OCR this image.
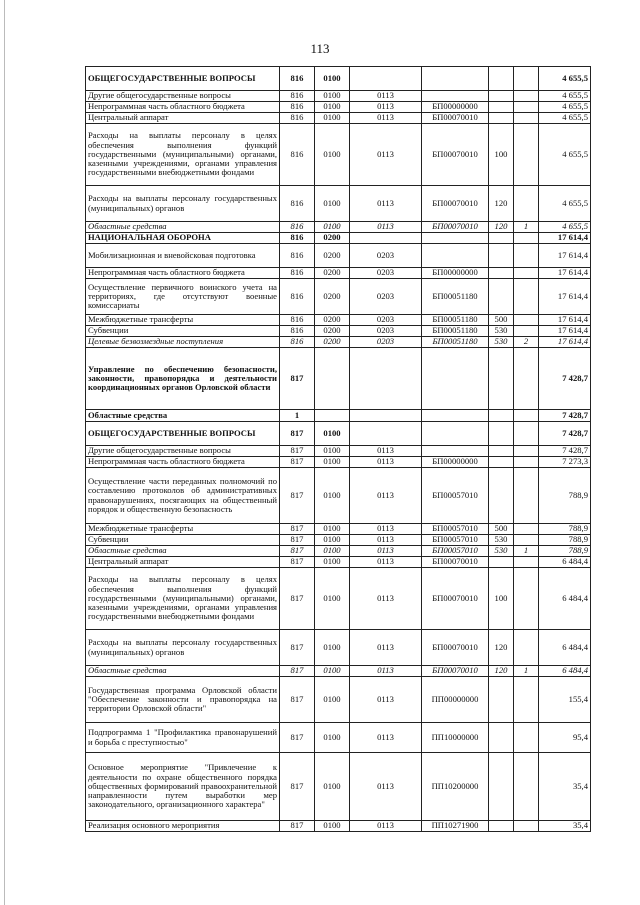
113
ОБЩЕГОСУДАРСТВЕННЫЕ ВОПРОСЫ	816	0100					4 655,5
Другие общегосударственные вопросы	816	0100	0113				4 655,5
Непрограммная часть областного бюджета	816	0100	0113	БП00000000			4 655,5
Центральный аппарат	816	0100	0113	БП00070010			4 655,5
Расходы на выплаты персоналу в целях обеспечения выполнения функций государственными (муниципальными) органами, казенными учреждениями, органами управления государственными внебюджетными фондами	816	0100	0113	БП00070010	100		4 655,5
Расходы на выплаты персоналу государственных (муниципальных) органов	816	0100	0113	БП00070010	120		4 655,5
Областные средства	816	0100	0113	БП00070010	120	1	4 655,5
НАЦИОНАЛЬНАЯ ОБОРОНА	816	0200					17 614,4
Мобилизационная и вневойсковая подготовка	816	0200	0203				17 614,4
Непрограммная часть областного бюджета	816	0200	0203	БП00000000			17 614,4
Осуществление первичного воинского учета на территориях, где отсутствуют военные комиссариаты	816	0200	0203	БП00051180			17 614,4
Межбюджетные трансферты	816	0200	0203	БП00051180	500		17 614,4
Субвенции	816	0200	0203	БП00051180	530		17 614,4
Целевые безвозмездные поступления	816	0200	0203	БП00051180	530	2	17 614,4
Управление по обеспечению безопасности, законности, правопорядка и деятельности координационных органов Орловской области	817						7 428,7
Областные средства	1						7 428,7
ОБЩЕГОСУДАРСТВЕННЫЕ ВОПРОСЫ	817	0100					7 428,7
Другие общегосударственные вопросы	817	0100	0113				7 428,7
Непрограммная часть областного бюджета	817	0100	0113	БП00000000			7 273,3
Осуществление части переданных полномочий по составлению протоколов об административных правонарушениях, посягающих на общественный порядок и общественную безопасность	817	0100	0113	БП00057010			788,9
Межбюджетные трансферты	817	0100	0113	БП00057010	500		788,9
Субвенции	817	0100	0113	БП00057010	530		788,9
Областные средства	817	0100	0113	БП00057010	530	1	788,9
Центральный аппарат	817	0100	0113	БП00070010			6 484,4
Расходы на выплаты персоналу в целях обеспечения выполнения функций государственными (муниципальными) органами, казенными учреждениями, органами управления государственными внебюджетными фондами	817	0100	0113	БП00070010	100		6 484,4
Расходы на выплаты персоналу государственных (муниципальных) органов	817	0100	0113	БП00070010	120		6 484,4
Областные средства	817	0100	0113	БП00070010	120	1	6 484,4
Государственная программа Орловской области "Обеспечение законности и правопорядка на территории Орловской области"	817	0100	0113	ПП00000000			155,4
Подпрограмма 1 "Профилактика правонарушений и борьба с преступностью"	817	0100	0113	ПП10000000			95,4
Основное мероприятие "Привлечение к деятельности по охране общественного порядка общественных формирований правоохранительной направленности путем выработки мер законодательного, организационного характера"	817	0100	0113	ПП10200000			35,4
Реализация основного мероприятия	817	0100	0113	ПП10271900			35,4
